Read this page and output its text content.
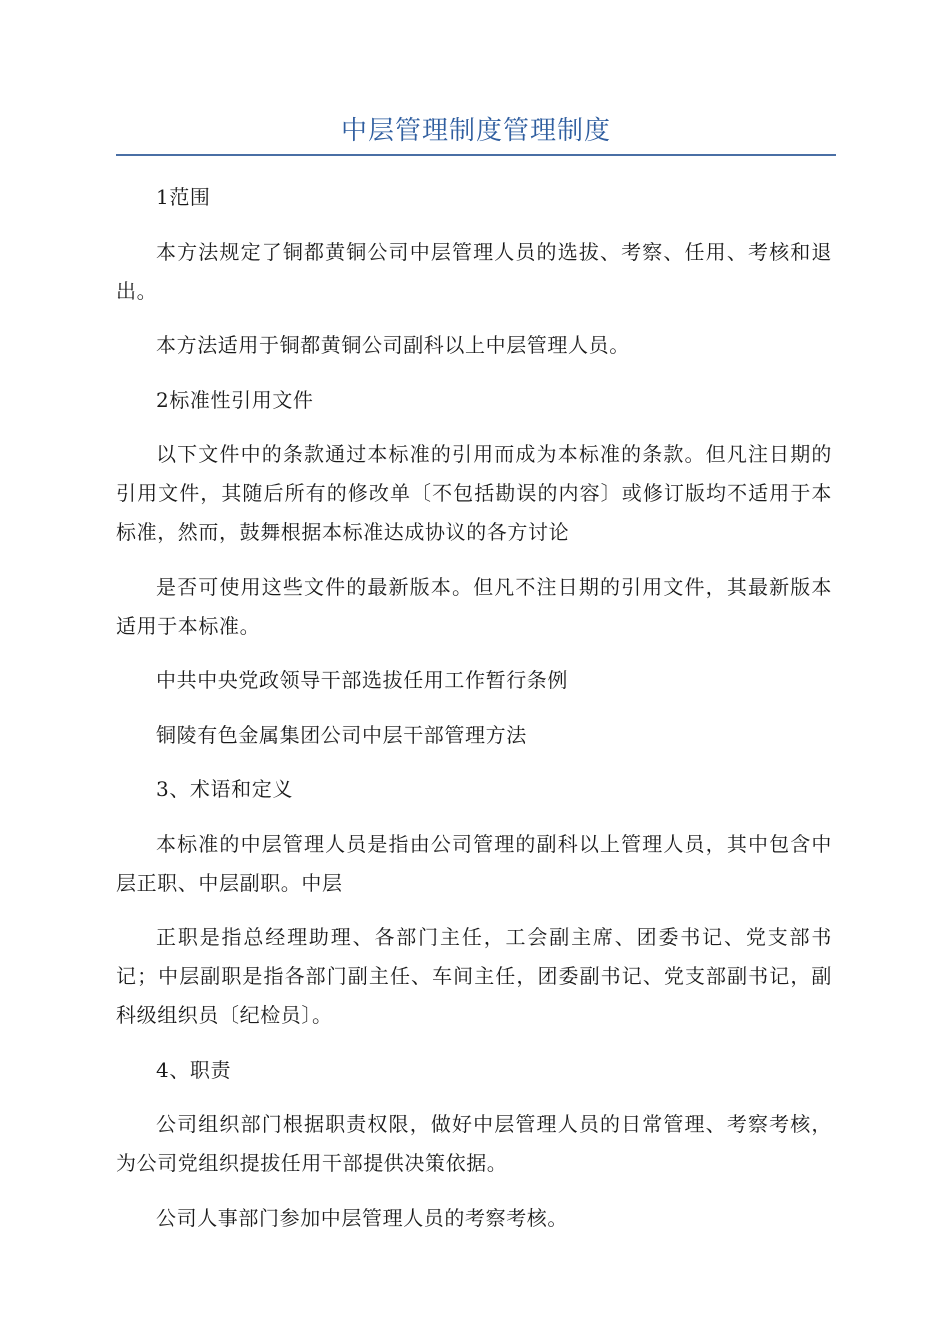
中层管理制度管理制度

1范围

本方法规定了铜都黄铜公司中层管理人员的选拔、考察、任用、考核和退出。

本方法适用于铜都黄铜公司副科以上中层管理人员。

2标准性引用文件

以下文件中的条款通过本标准的引用而成为本标准的条款。但凡注日期的引用文件，其随后所有的修改单〔不包括勘误的内容〕或修订版均不适用于本标准，然而，鼓舞根据本标准达成协议的各方讨论

是否可使用这些文件的最新版本。但凡不注日期的引用文件，其最新版本适用于本标准。

中共中央党政领导干部选拔任用工作暂行条例

铜陵有色金属集团公司中层干部管理方法

3、术语和定义

本标准的中层管理人员是指由公司管理的副科以上管理人员，其中包含中层正职、中层副职。中层

正职是指总经理助理、各部门主任，工会副主席、团委书记、党支部书记；中层副职是指各部门副主任、车间主任，团委副书记、党支部副书记，副科级组织员〔纪检员〕。

4、职责

公司组织部门根据职责权限，做好中层管理人员的日常管理、考察考核，为公司党组织提拔任用干部提供决策依据。

公司人事部门参加中层管理人员的考察考核。
